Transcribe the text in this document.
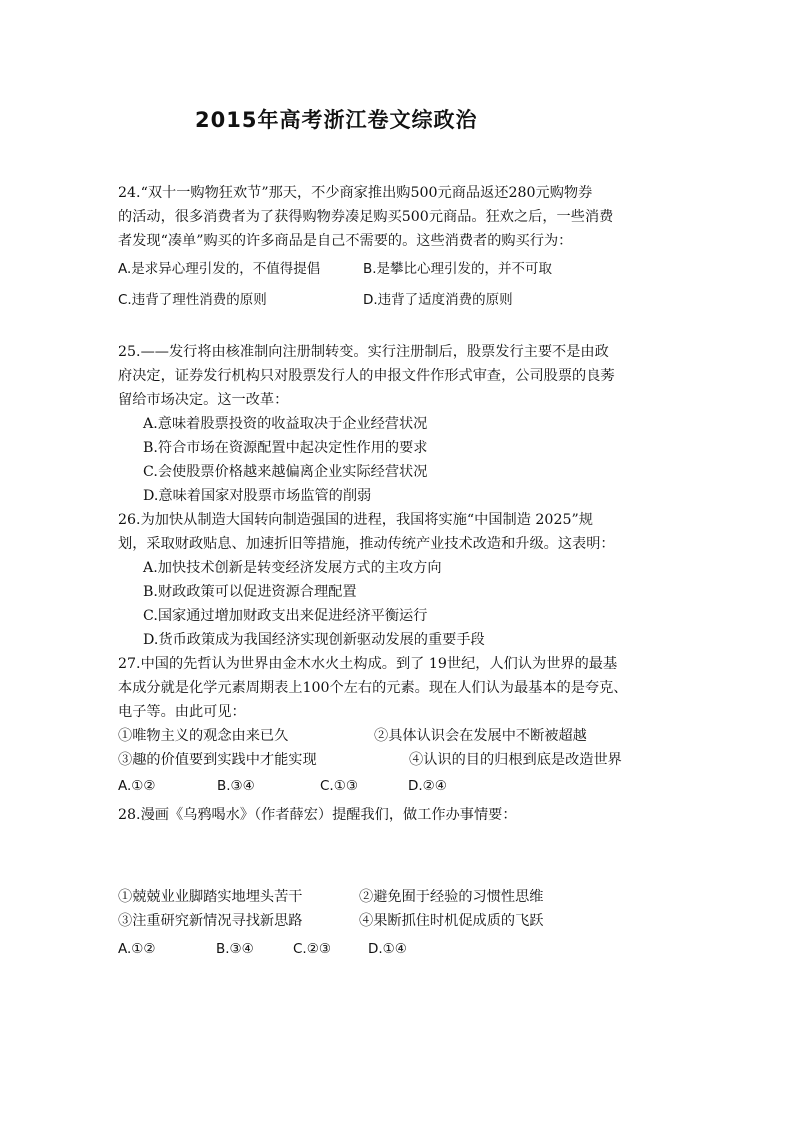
2015年高考浙江卷文综政治
24.“双十一购物狂欢节”那天，不少商家推出购500元商品返还280元购物券
的活动，很多消费者为了获得购物券凑足购买500元商品。狂欢之后，一些消费
者发现“凑单”购买的许多商品是自己不需要的。这些消费者的购买行为：
A.是求异心理引发的，不值得提倡	B.是攀比心理引发的，并不可取
C.违背了理性消费的原则	D.违背了适度消费的原则
25.——发行将由核准制向注册制转变。实行注册制后，股票发行主要不是由政
府决定，证券发行机构只对股票发行人的申报文件作形式审查，公司股票的良莠
留给市场决定。这一改革：
A.意味着股票投资的收益取决于企业经营状况
B.符合市场在资源配置中起决定性作用的要求
C.会使股票价格越来越偏离企业实际经营状况
D.意味着国家对股票市场监管的削弱
26.为加快从制造大国转向制造强国的进程，我国将实施“中国制造 2025”规
划，采取财政贴息、加速折旧等措施，推动传统产业技术改造和升级。这表明：
A.加快技术创新是转变经济发展方式的主攻方向
B.财政政策可以促进资源合理配置
C.国家通过增加财政支出来促进经济平衡运行
D.货币政策成为我国经济实现创新驱动发展的重要手段
27.中国的先哲认为世界由金木水火土构成。到了 19世纪，人们认为世界的最基
本成分就是化学元素周期表上100个左右的元素。现在人们认为最基本的是夸克、
电子等。由此可见：
①唯物主义的观念由来已久	②具体认识会在发展中不断被超越
③趣的价值要到实践中才能实现	④认识的目的归根到底是改造世界
A.①②	B.③④	C.①③	D.②④
28.漫画《乌鸦喝水》（作者薛宏）提醒我们，做工作办事情要：
①兢兢业业脚踏实地埋头苦干	②避免囿于经验的习惯性思维
③注重研究新情况寻找新思路	④果断抓住时机促成质的飞跃
A.①②	B.③④	C.②③	D.①④
